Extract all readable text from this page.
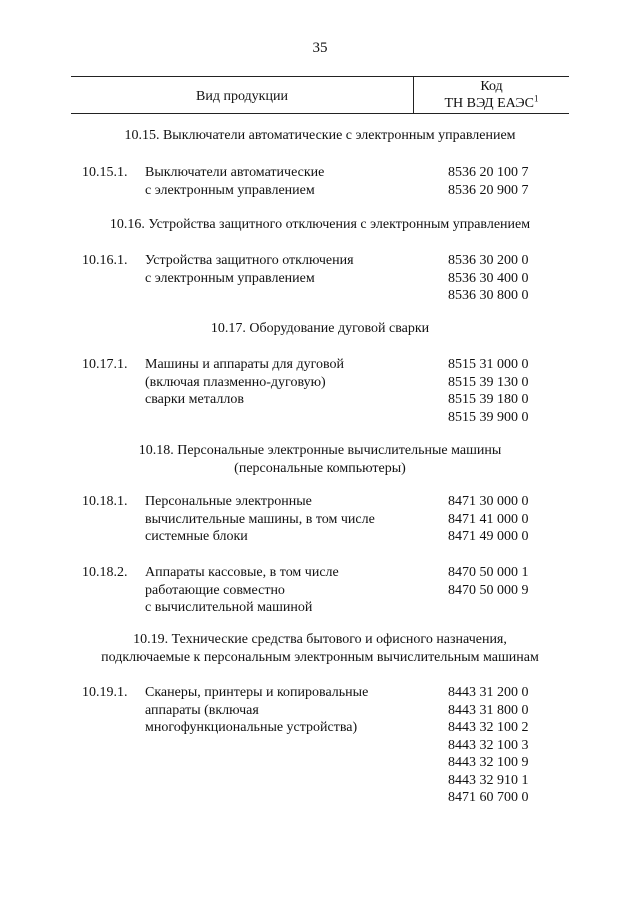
35
Вид продукции
Код
ТН ВЭД ЕАЭС$^1$
10.15. Выключатели автоматические с электронным управлением
10.15.1. Выключатели автоматические
с электронным управлением
8536 20 100 7
8536 20 900 7
10.16. Устройства защитного отключения с электронным управлением
10.16.1. Устройства защитного отключения
с электронным управлением
8536 30 200 0
8536 30 400 0
8536 30 800 0
10.17. Оборудование дуговой сварки
10.17.1. Машины и аппараты для дуговой
(включая плазменно-дуговую)
сварки металлов
8515 31 000 0
8515 39 130 0
8515 39 180 0
8515 39 900 0
10.18. Персональные электронные вычислительные машины
(персональные компьютеры)
10.18.1. Персональные электронные
вычислительные машины, в том числе
системные блоки
8471 30 000 0
8471 41 000 0
8471 49 000 0
10.18.2. Аппараты кассовые, в том числе
работающие совместно
с вычислительной машиной
8470 50 000 1
8470 50 000 9
10.19. Технические средства бытового и офисного назначения,
подключаемые к персональным электронным вычислительным машинам
10.19.1. Сканеры, принтеры и копировальные
аппараты (включая
многофункциональные устройства)
8443 31 200 0
8443 31 800 0
8443 32 100 2
8443 32 100 3
8443 32 100 9
8443 32 910 1
8471 60 700 0
